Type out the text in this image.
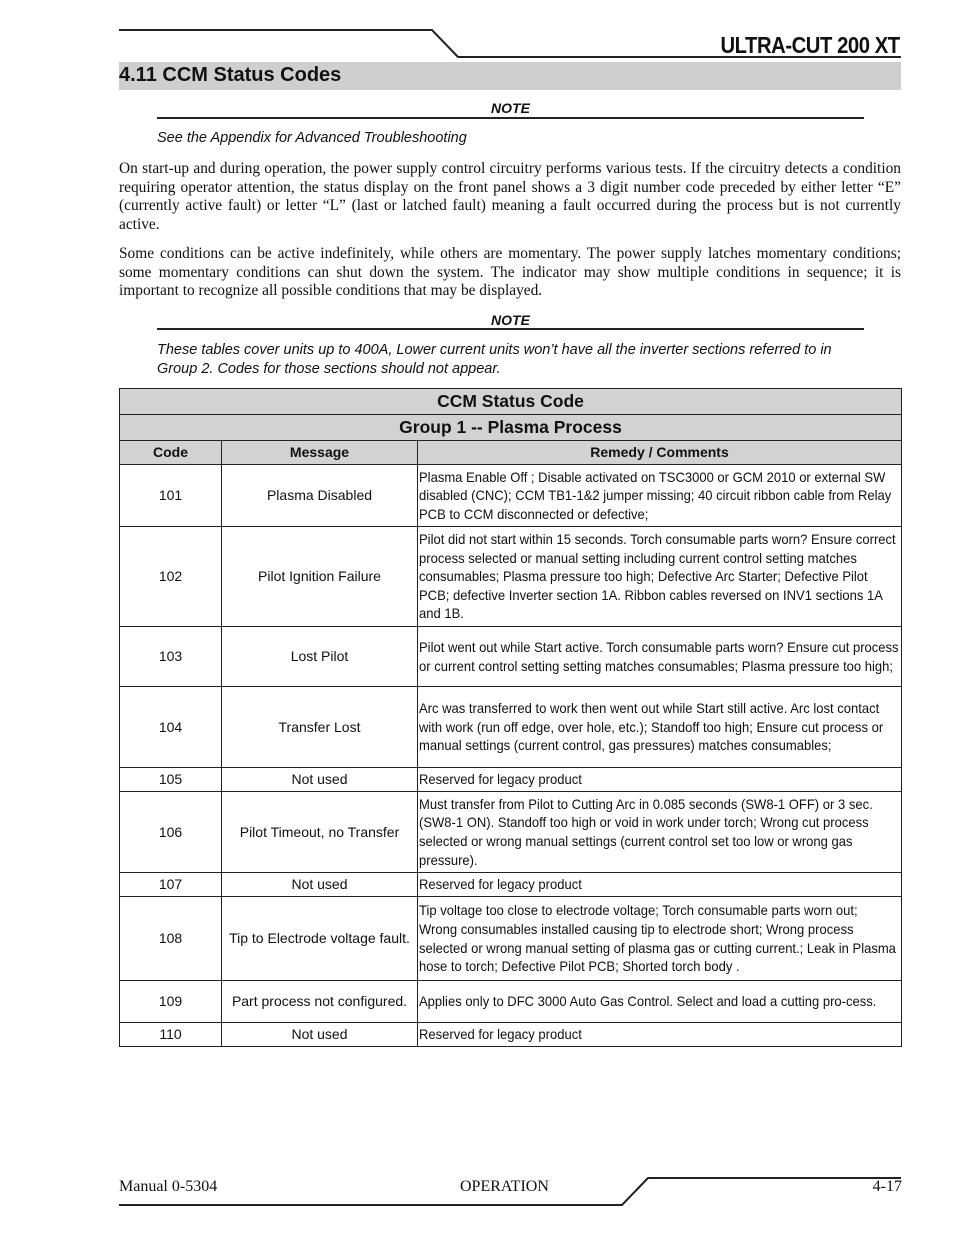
ULTRA-CUT 200 XT
4.11 CCM Status Codes
NOTE
See the Appendix for Advanced Troubleshooting
On start-up and during operation, the power supply control circuitry performs various tests. If the circuitry detects a condition requiring operator attention, the status display on the front panel shows a 3 digit number code preceded by either letter “E” (currently active fault) or letter “L” (last or latched fault) meaning a fault occurred during the process but is not currently active.
Some conditions can be active indefinitely, while others are momentary. The power supply latches momentary conditions; some momentary conditions can shut down the system. The indicator may show multiple conditions in sequence; it is important to recognize all possible conditions that may be displayed.
NOTE
These tables cover units up to 400A, Lower current units won’t have all the inverter sections referred to in Group 2. Codes for those sections should not appear.
CCM Status Code		
Group 1 -- Plasma Process		
Code	Message	Remedy / Comments
101	Plasma Disabled	Plasma Enable Off ; Disable activated on TSC3000 or GCM 2010 or external SW disabled (CNC); CCM TB1-1&2 jumper missing; 40 circuit ribbon cable from Relay PCB to CCM disconnected or defective;

102	Pilot Ignition Failure	Pilot did not start within 15 seconds. Torch consumable parts worn? Ensure correct process selected or manual setting including current control setting matches consumables; Plasma pressure too high; Defective Arc Starter; Defective Pilot PCB; defective Inverter section 1A. Ribbon cables reversed on INV1 sections 1A and 1B.

103	Lost Pilot	Pilot went out while Start active. Torch consumable parts worn? Ensure cut process or current control setting setting matches consumables; Plasma pressure too high;

104	Transfer Lost	Arc was transferred to work then went out while Start still active. Arc lost contact with work (run off edge, over hole, etc.); Standoff too high; Ensure cut process or manual settings (current control, gas pressures) matches consumables;

105	Not used	Reserved for legacy product

106	Pilot Timeout, no Transfer	Must transfer from Pilot to Cutting Arc in 0.085 seconds (SW8-1 OFF) or 3 sec. (SW8-1 ON). Standoff too high or void in work under torch; Wrong cut process selected or wrong manual settings (current control set too low or wrong gas pressure).

107	Not used	Reserved for legacy product

108	Tip to Electrode voltage fault.	Tip voltage too close to electrode voltage; Torch consumable parts worn out; Wrong consumables installed causing tip to electrode short; Wrong process selected or wrong manual setting of plasma gas or cutting current.; Leak in Plasma hose to torch; Defective Pilot PCB; Shorted torch body .

109	Part process not configured.	Applies only to DFC 3000 Auto Gas Control. Select and load a cutting pro-cess.

110	Not used	Reserved for legacy product
Manual 0-5304	OPERATION	4-17
